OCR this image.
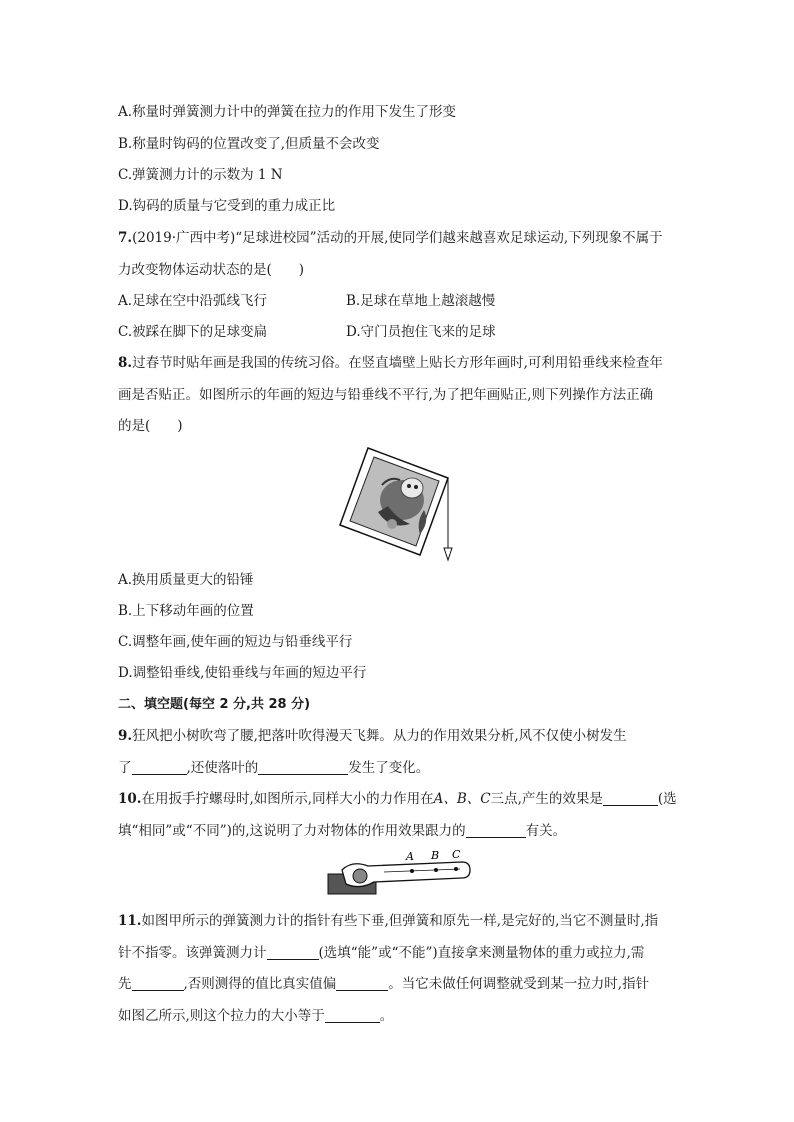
A.称量时弹簧测力计中的弹簧在拉力的作用下发生了形变
B.称量时钩码的位置改变了,但质量不会改变
C.弹簧测力计的示数为 1 N
D.钩码的质量与它受到的重力成正比
7.(2019·广西中考)“足球进校园”活动的开展,使同学们越来越喜欢足球运动,下列现象不属于
力改变物体运动状态的是(　　)
A.足球在空中沿弧线飞行	B.足球在草地上越滚越慢
C.被踩在脚下的足球变扁	D.守门员抱住飞来的足球
8.过春节时贴年画是我国的传统习俗。在竖直墙壁上贴长方形年画时,可利用铅垂线来检查年
画是否贴正。如图所示的年画的短边与铅垂线不平行,为了把年画贴正,则下列操作方法正确
的是(　　)
A.换用质量更大的铅锤
B.上下移动年画的位置
C.调整年画,使年画的短边与铅垂线平行
D.调整铅垂线,使铅垂线与年画的短边平行
二、填空题(每空 2 分,共 28 分)
9.狂风把小树吹弯了腰,把落叶吹得漫天飞舞。从力的作用效果分析,风不仅使小树发生
了	,还使落叶的	发生了变化。
10.在用扳手拧螺母时,如图所示,同样大小的力作用在A、B、C三点,产生的效果是	(选
填“相同”或“不同”)的,这说明了力对物体的作用效果跟力的	有关。
A B C
11.如图甲所示的弹簧测力计的指针有些下垂,但弹簧和原先一样,是完好的,当它不测量时,指
针不指零。该弹簧测力计	(选填“能”或“不能”)直接拿来测量物体的重力或拉力,需
先	,否则测得的值比真实值偏	。当它未做任何调整就受到某一拉力时,指针
如图乙所示,则这个拉力的大小等于	。
